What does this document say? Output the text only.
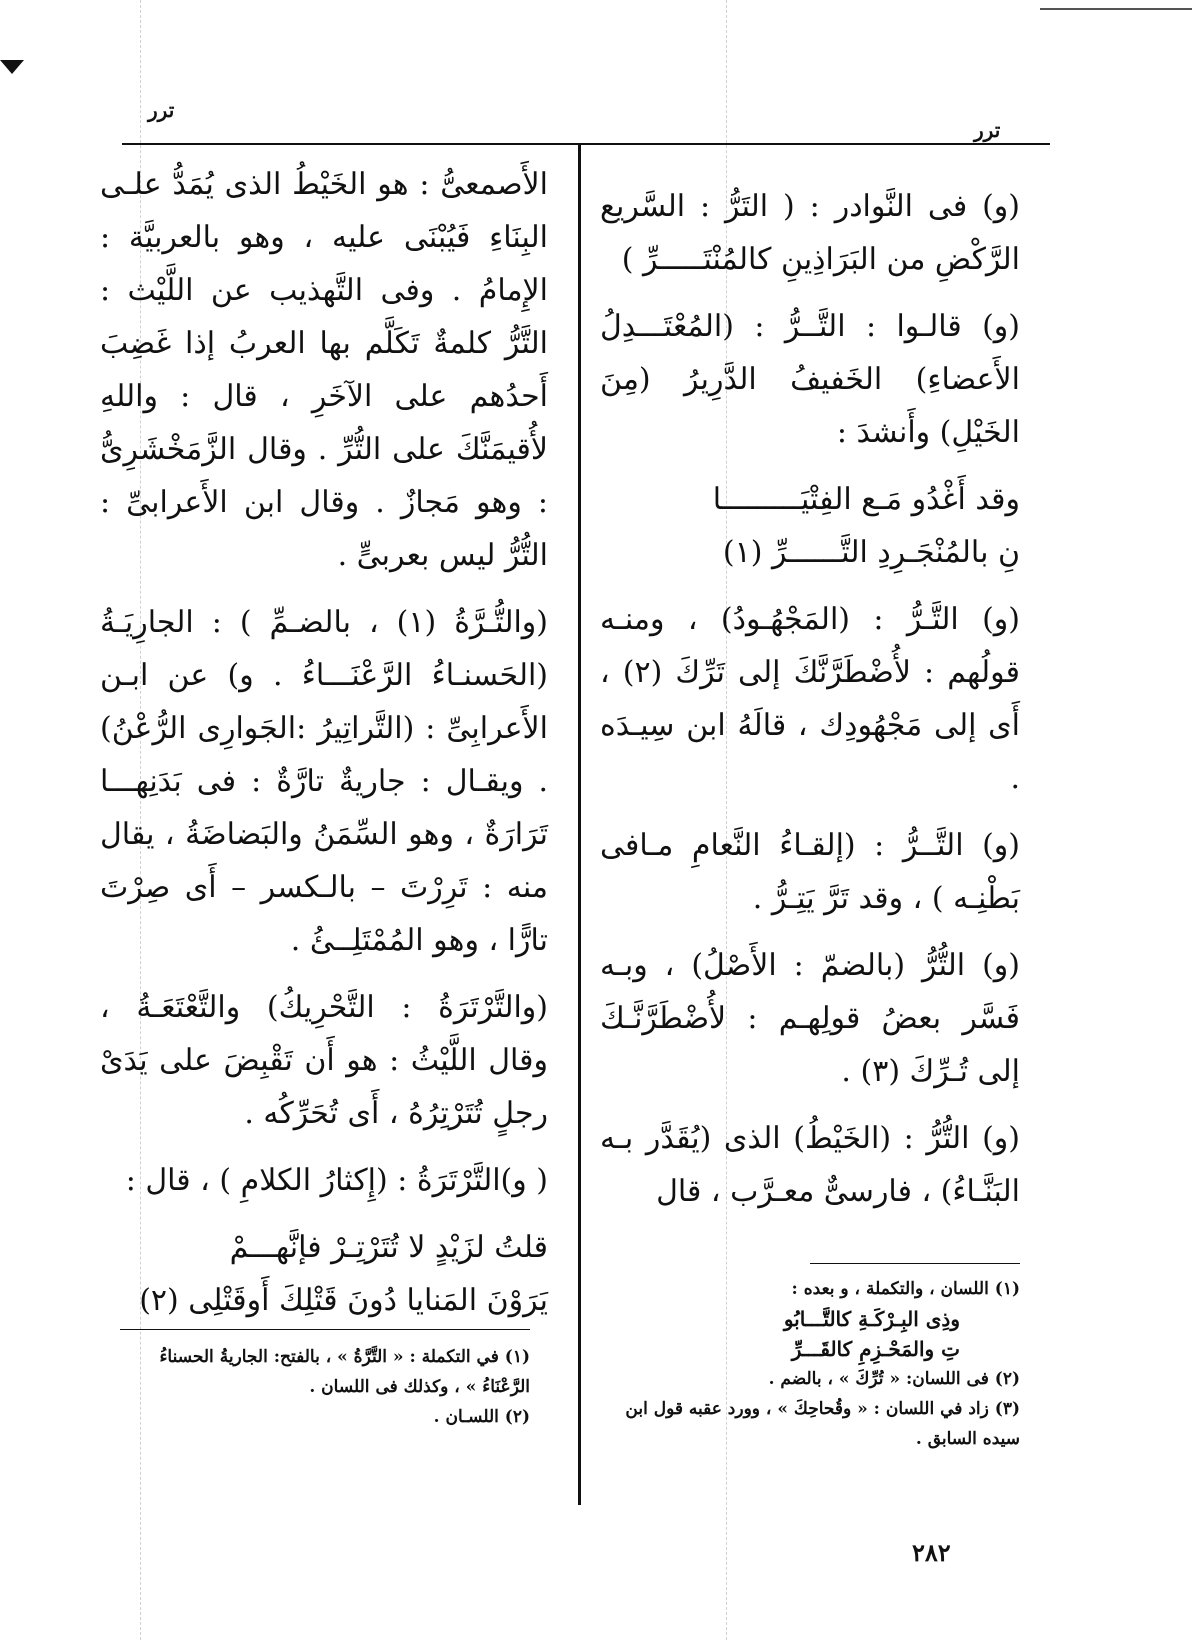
ترر
ترر

(و) فى النَّوادر : ( التَرُّ : السَّريع الرَّكْضِ من البَرَاذِينِ كالمُنْتَـــــرِّ )

(و) قالـوا : التَّــرُّ : (المُعْتَـــدِلُ الأَعضاءِ) الخَفيفُ الدَّرِيرُ (مِنَ الخَيْلِ) وأَنشدَ :

وقد أَغْدُو مَـع الفِتْيَـــــــــا

نِ بالمُنْجَـرِدِ التَّــــــرِّ (١)

(و) التَّـرُّ : (المَجْهُـودُ) ، ومنـه قولُهم : لأُضْطَرَّنَّكَ إلى تَرِّكَ (٢) ، أَى إلى مَجْهُودِك ، قالَهُ ابن سِيـدَه .

(و) التَّــرُّ : (إلقـاءُ النَّعامِ مـافى بَطْنِـه ) ، وقد تَرَّ يَتِـرُّ .

(و) التُّرُّ (بالضمّ : الأَصْلُ) ، وبـه فَسَّر بعضُ قولِهـم : لأُضْطَرَّنَّـكَ إلى تُـرِّكَ (٣) .

(و) التُّرُّ : (الخَيْطُ) الذى (يُقَدَّر بـه البَنَّـاءُ) ، فارسىٌّ معـرَّب ، قال

(١) اللسان ، والتكملة ، و بعده :

وذِى البِـرْكَـةِ كالتَّـــابُو

تِ والمَحْـزِمِ كالقَـــرِّ

(٢) فى اللسان: « تُرِّكَ » ، بالضم .

(٣) زاد في اللسان : « وقُحاحِكَ » ، وورد عقبه قول ابن سيده السابق .

الأَصمعىُّ : هو الخَيْطُ الذى يُمَدُّ علـى البِنَاءِ فَيُبْنَى عليه ، وهو بالعربيَّة : الإِمامُ . وفى التَّهذيب عن اللَّيْث : التَّرُّ كلمةٌ تَكَلَّم بها العربُ إذا غَضِبَ أَحدُهم على الآخَرِ ، قال : واللهِ لأُقيمَنَّكَ على التُّرِّ . وقال الزَّمَخْشَرِىُّ : وهو مَجازٌ . وقال ابن الأَعرابىِّ : التُّرُّ ليس بعربىٍّ .

(والتُّـرَّةُ (١) ، بالضـمِّ ) : الجارِيَـةُ (الحَسنـاءُ الرَّعْنَـــاءُ . و) عن ابـن الأَعرابِىِّ : (التَّراتِيرُ :الجَوارِى الرُّعْنُ) . ويقـال : جاريةٌ تارَّةٌ : فى بَدَنِهـــا تَرَارَةٌ ، وهو السِّمَنُ والبَضاضَةُ ، يقال منه : تَرِرْتَ – بالـكسر – أَى صِرْتَ تارًّا ، وهو المُمْتَلِــئُ .

(والتَّرْتَرَةُ : التَّحْرِيكُ) والتَّعْتَعَـةُ ، وقال اللَّيْثُ : هو أَن تَقْبِضَ على يَدَىْ رجلٍ تُتَرْتِرُهُ ، أَى تُحَرِّكُه .

( و)التَّرْتَرَةُ : (إِكثارُ الكلامِ ) ، قال :

قلتُ لزَيْدٍ لا تُتَرْتِـرْ فإنَّهـــمْ

يَرَوْنَ المَنايا دُونَ قَتْلِكَ أَوقَتْلِى (٢)

(١) في التكملة : « التَّرَّةُ » ، بالفتح: الجاريةُ الحسناءُ الرَّعْنَاءُ » ، وكذلك فى اللسان .

(٢) اللسـان .

٢٨٢
